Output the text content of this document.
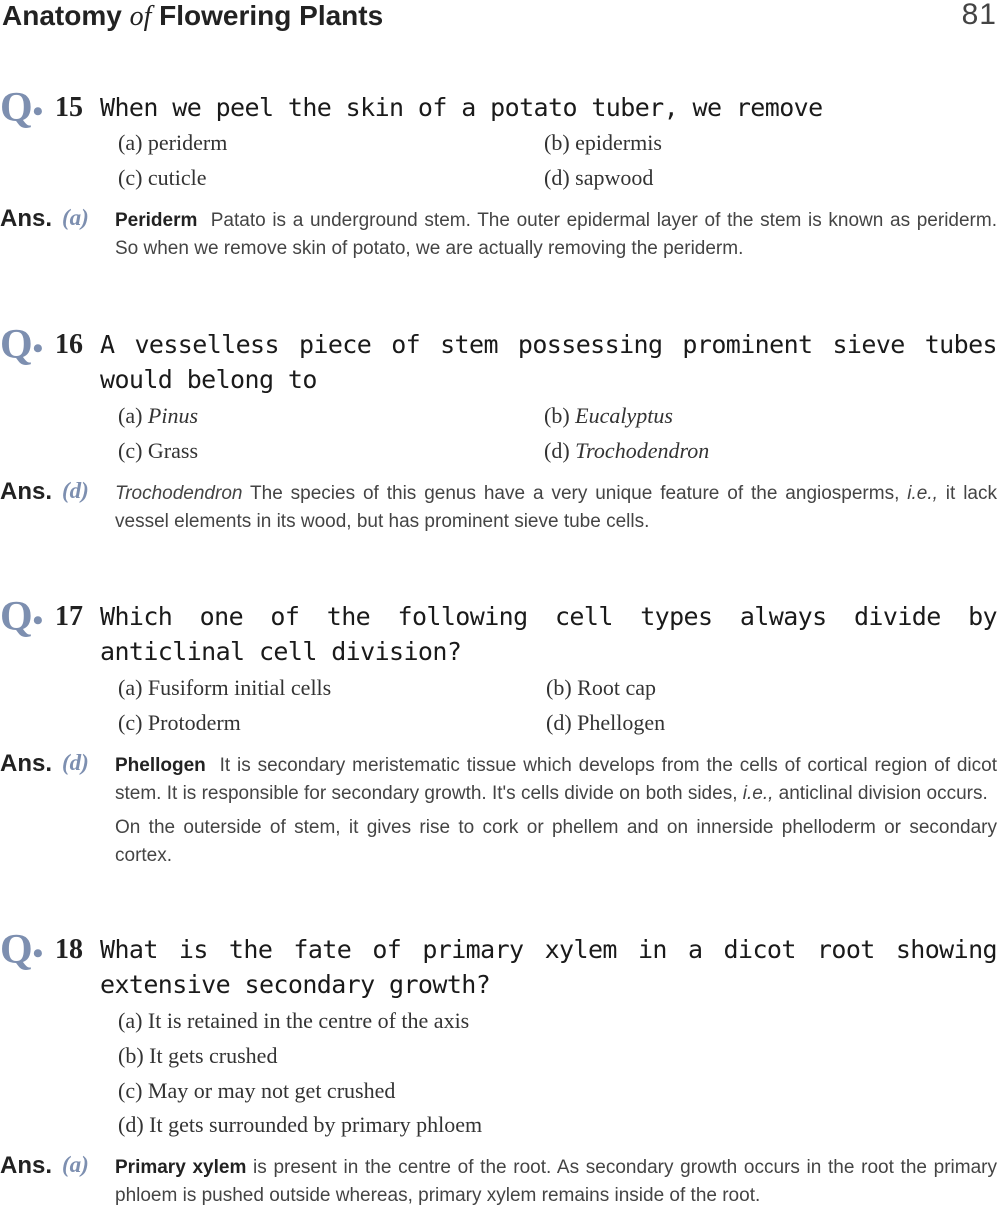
Anatomy of Flowering Plants	81
Q• 15 When we peel the skin of a potato tuber, we remove
(a) periderm	(b) epidermis
(c) cuticle	(d) sapwood
Ans. (a) Periderm Patato is a underground stem. The outer epidermal layer of the stem is known as periderm. So when we remove skin of potato, we are actually removing the periderm.
Q• 16 A vesselless piece of stem possessing prominent sieve tubes would belong to
(a) Pinus	(b) Eucalyptus
(c) Grass	(d) Trochodendron
Ans. (d) Trochodendron The species of this genus have a very unique feature of the angiosperms, i.e., it lack vessel elements in its wood, but has prominent sieve tube cells.
Q• 17 Which one of the following cell types always divide by anticlinal cell division?
(a) Fusiform initial cells	(b) Root cap
(c) Protoderm	(d) Phellogen
Ans. (d) Phellogen It is secondary meristematic tissue which develops from the cells of cortical region of dicot stem. It is responsible for secondary growth. It's cells divide on both sides, i.e., anticlinal division occurs.
On the outerside of stem, it gives rise to cork or phellem and on innerside phelloderm or secondary cortex.
Q• 18 What is the fate of primary xylem in a dicot root showing extensive secondary growth?
(a) It is retained in the centre of the axis
(b) It gets crushed
(c) May or may not get crushed
(d) It gets surrounded by primary phloem
Ans. (a) Primary xylem is present in the centre of the root. As secondary growth occurs in the root the primary phloem is pushed outside whereas, primary xylem remains inside of the root.
